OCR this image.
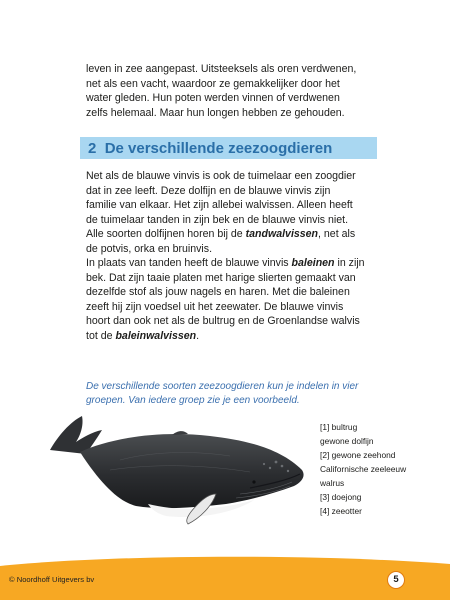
leven in zee aangepast. Uitsteeksels als oren verdwenen,
net als een vacht, waardoor ze gemakkelijker door het
water gleden. Hun poten werden vinnen of verdwenen
zelfs helemaal. Maar hun longen hebben ze gehouden.

2 De verschillende zeezoogdieren

Net als de blauwe vinvis is ook de tuimelaar een zoogdier
dat in zee leeft. Deze dolfijn en de blauwe vinvis zijn
familie van elkaar. Het zijn allebei walvissen. Alleen heeft
de tuimelaar tanden in zijn bek en de blauwe vinvis niet.
Alle soorten dolfijnen horen bij de tandwalvissen, net als
de potvis, orka en bruinvis.

In plaats van tanden heeft de blauwe vinvis baleinen in zijn
bek. Dat zijn taaie platen met harige slierten gemaakt van
dezelfde stof als jouw nagels en haren. Met die baleinen
zeeft hij zijn voedsel uit het zeewater. De blauwe vinvis
hoort dan ook net als de bultrug en de Groenlandse walvis
tot de baleinwalvissen.

De verschillende soorten zeezoogdieren kun je indelen in vier
groepen. Van iedere groep zie je een voorbeeld.

[1] bultrug
gewone dolfijn
[2] gewone zeehond
Californische zeeleeuw
walrus
[3] doejong
[4] zeeotter
© Noordhoff Uitgevers bv	5
